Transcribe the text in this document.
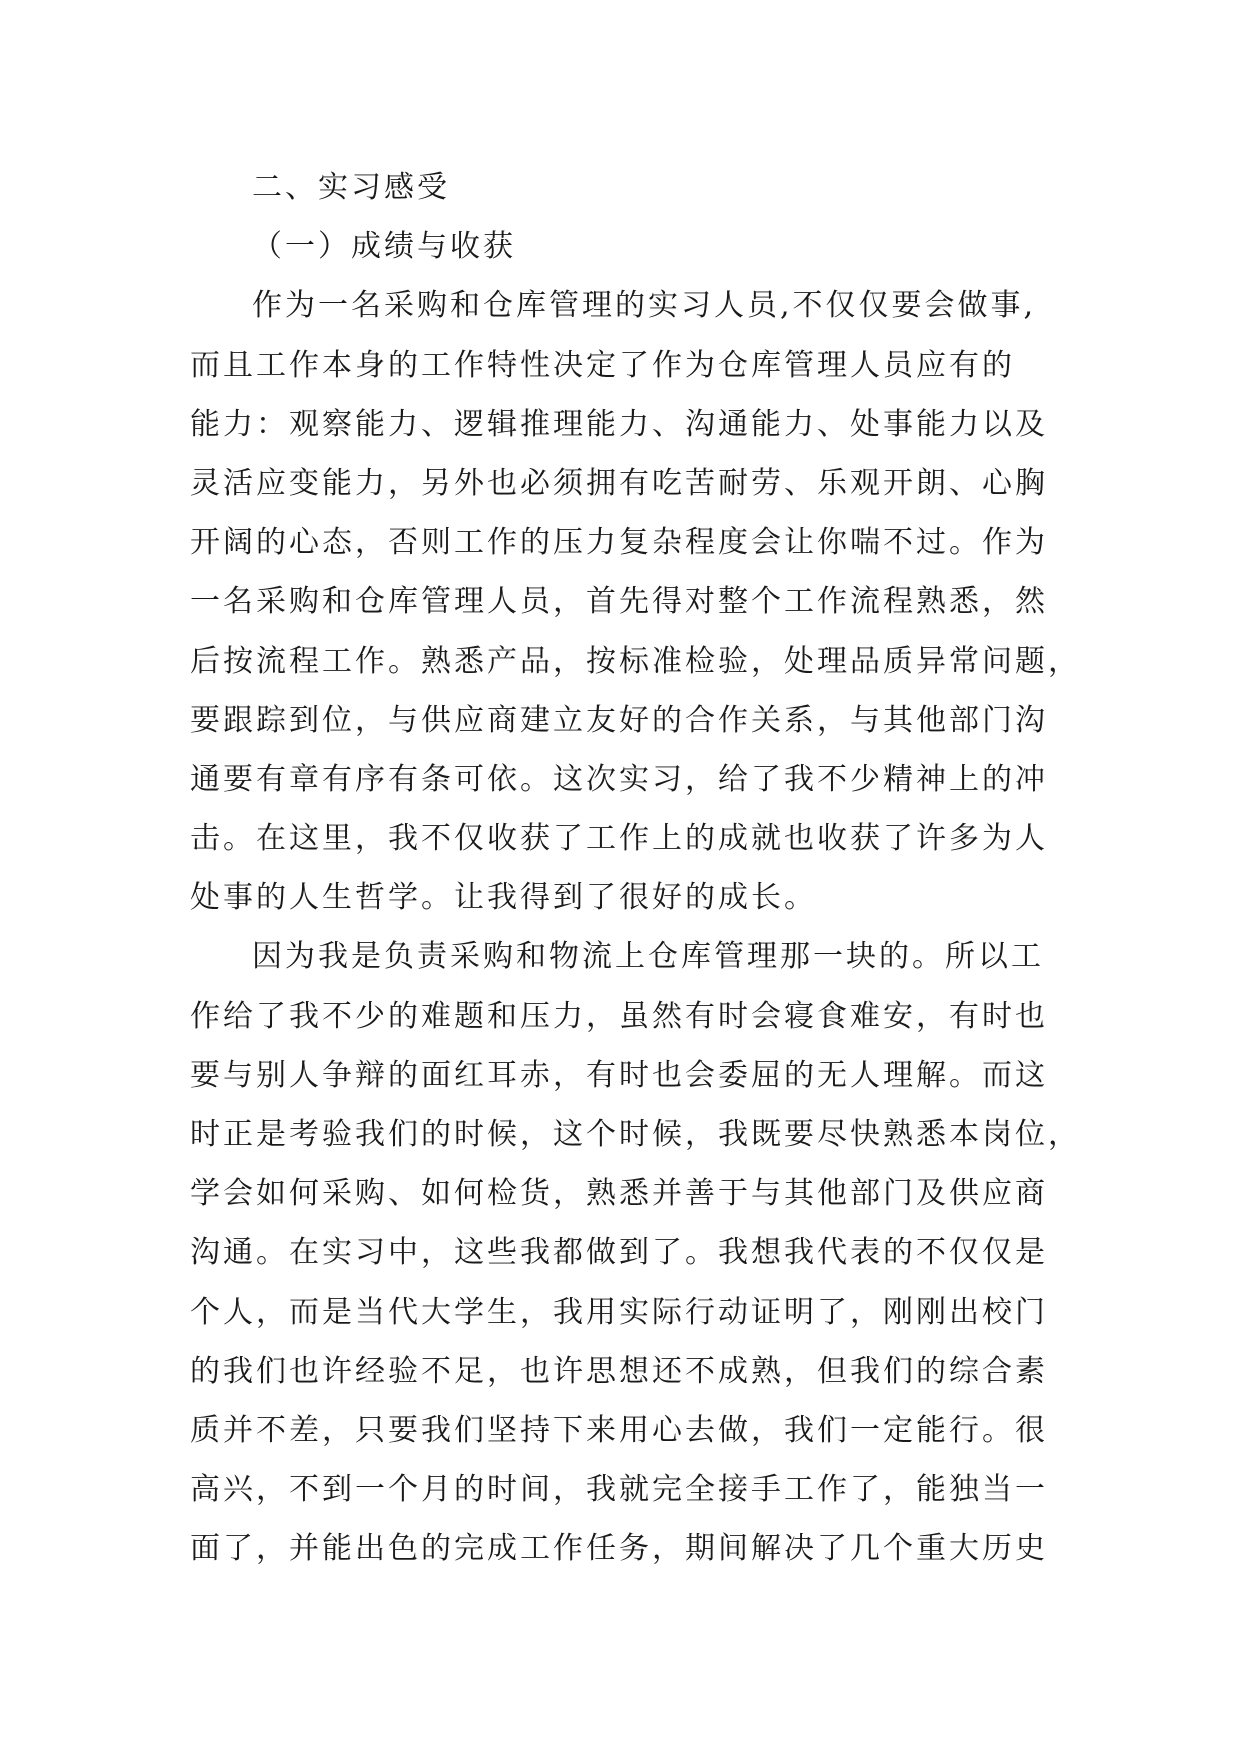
二、实习感受
（一）成绩与收获
作为一名采购和仓库管理的实习人员,不仅仅要会做事,
而且工作本身的工作特性决定了作为仓库管理人员应有的
能力：观察能力、逻辑推理能力、沟通能力、处事能力以及
灵活应变能力，另外也必须拥有吃苦耐劳、乐观开朗、心胸
开阔的心态，否则工作的压力复杂程度会让你喘不过。作为
一名采购和仓库管理人员，首先得对整个工作流程熟悉，然
后按流程工作。熟悉产品，按标准检验，处理品质异常问题，
要跟踪到位，与供应商建立友好的合作关系，与其他部门沟
通要有章有序有条可依。这次实习，给了我不少精神上的冲
击。在这里，我不仅收获了工作上的成就也收获了许多为人
处事的人生哲学。让我得到了很好的成长。
因为我是负责采购和物流上仓库管理那一块的。所以工
作给了我不少的难题和压力，虽然有时会寝食难安，有时也
要与别人争辩的面红耳赤，有时也会委屈的无人理解。而这
时正是考验我们的时候，这个时候，我既要尽快熟悉本岗位，
学会如何采购、如何检货，熟悉并善于与其他部门及供应商
沟通。在实习中，这些我都做到了。我想我代表的不仅仅是
个人，而是当代大学生，我用实际行动证明了，刚刚出校门
的我们也许经验不足，也许思想还不成熟，但我们的综合素
质并不差，只要我们坚持下来用心去做，我们一定能行。很
高兴，不到一个月的时间，我就完全接手工作了，能独当一
面了，并能出色的完成工作任务，期间解决了几个重大历史
